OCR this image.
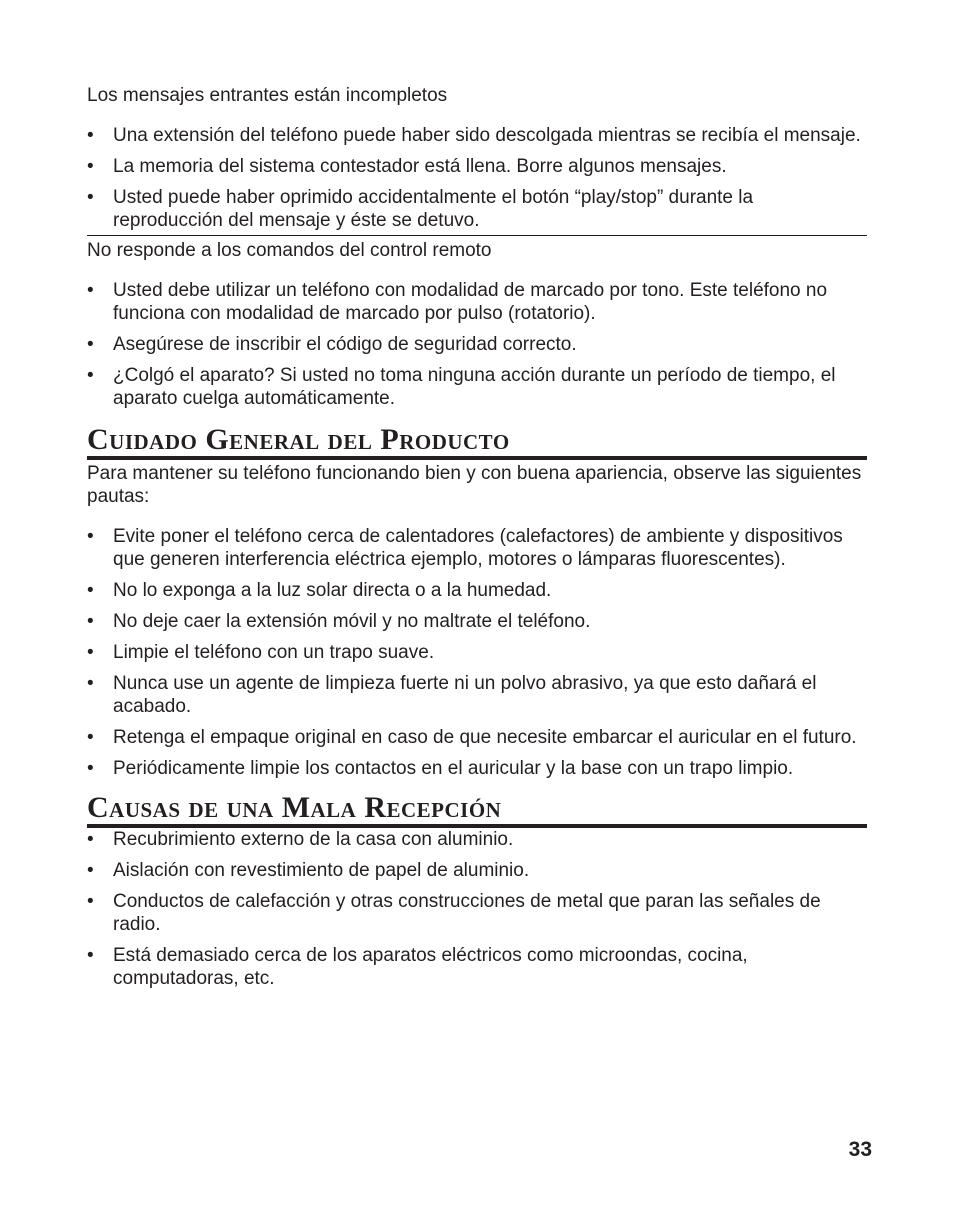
Los mensajes entrantes están incompletos

• Una extensión del teléfono puede haber sido descolgada mientras se recibía el mensaje.
• La memoria del sistema contestador está llena. Borre algunos mensajes.
• Usted puede haber oprimido accidentalmente el botón “play/stop” durante la reproducción del mensaje y éste se detuvo.

No responde a los comandos del control remoto

• Usted debe utilizar un teléfono con modalidad de marcado por tono. Este teléfono no funciona con modalidad de marcado por pulso (rotatorio).
• Asegúrese de inscribir el código de seguridad correcto.
• ¿Colgó el aparato? Si usted no toma ninguna acción durante un período de tiempo, el aparato cuelga automáticamente.
Cuidado General del Producto

Para mantener su teléfono funcionando bien y con buena apariencia, observe las siguientes pautas:

• Evite poner el teléfono cerca de calentadores (calefactores) de ambiente y dispositivos que generen interferencia eléctrica ejemplo, motores o lámparas fluorescentes).
• No lo exponga a la luz solar directa o a la humedad.
• No deje caer la extensión móvil y no maltrate el teléfono.
• Limpie el teléfono con un trapo suave.
• Nunca use un agente de limpieza fuerte ni un polvo abrasivo, ya que esto dañará el acabado.
• Retenga el empaque original en caso de que necesite embarcar el auricular en el futuro.
• Periódicamente limpie los contactos en el auricular y la base con un trapo limpio.
Causas de una Mala Recepción
• Recubrimiento externo de la casa con aluminio.
• Aislación con revestimiento de papel de aluminio.
• Conductos de calefacción y otras construcciones de metal que paran las señales de radio.
• Está demasiado cerca de los aparatos eléctricos como microondas, cocina, computadoras, etc.
33
